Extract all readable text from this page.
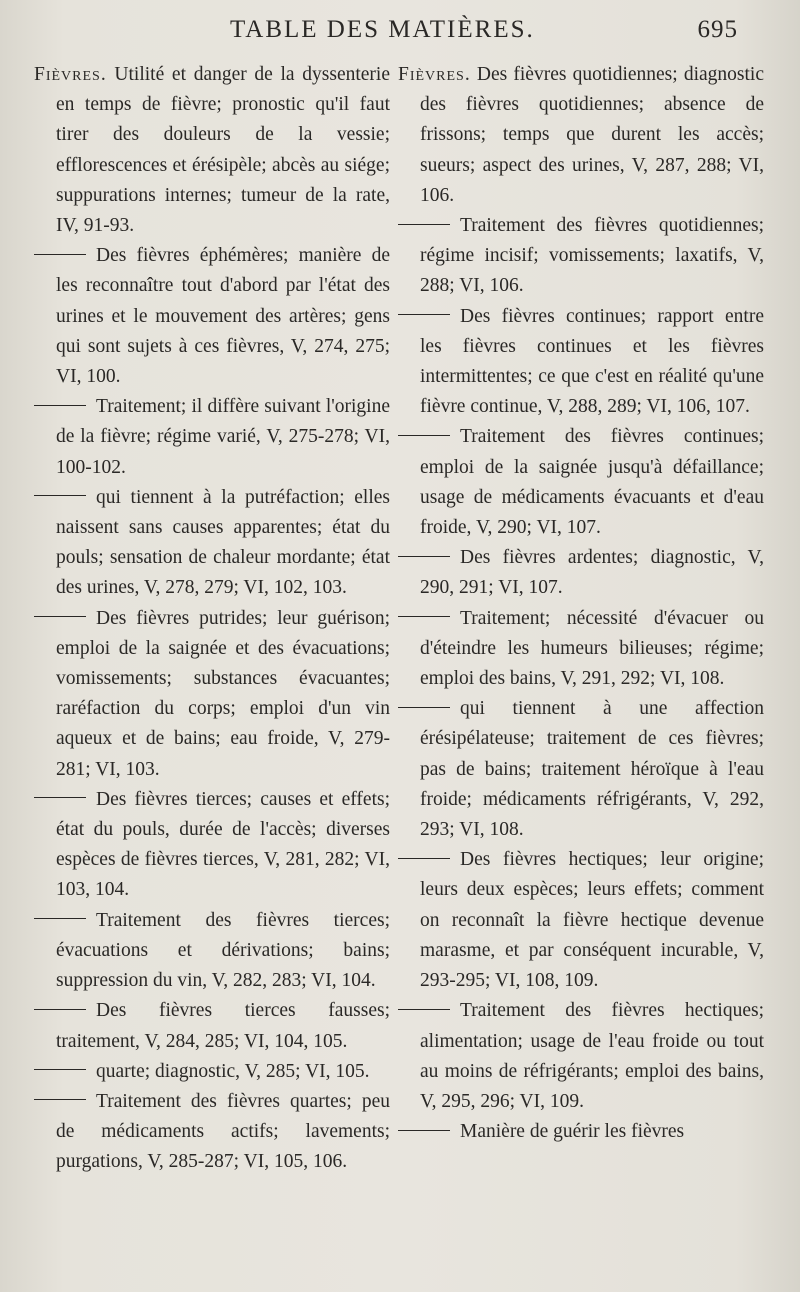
TABLE DES MATIÈRES.	695

Fièvres. Utilité et danger de la dyssenterie en temps de fièvre; pronostic qu'il faut tirer des douleurs de la vessie; efflorescences et érésipèle; abcès au siége; suppurations internes; tumeur de la rate, IV, 91-93.

Des fièvres éphémères; manière de les reconnaître tout d'abord par l'état des urines et le mouvement des artères; gens qui sont sujets à ces fièvres, V, 274, 275; VI, 100.

Traitement; il diffère suivant l'origine de la fièvre; régime varié, V, 275-278; VI, 100-102.

qui tiennent à la putréfaction; elles naissent sans causes apparentes; état du pouls; sensation de chaleur mordante; état des urines, V, 278, 279; VI, 102, 103.

Des fièvres putrides; leur guérison; emploi de la saignée et des évacuations; vomissements; substances évacuantes; raréfaction du corps; emploi d'un vin aqueux et de bains; eau froide, V, 279-281; VI, 103.

Des fièvres tierces; causes et effets; état du pouls, durée de l'accès; diverses espèces de fièvres tierces, V, 281, 282; VI, 103, 104.

Traitement des fièvres tierces; évacuations et dérivations; bains; suppression du vin, V, 282, 283; VI, 104.

Des fièvres tierces fausses; traitement, V, 284, 285; VI, 104, 105.

quarte; diagnostic, V, 285; VI, 105.

Traitement des fièvres quartes; peu de médicaments actifs; lavements; purgations, V, 285-287; VI, 105, 106.

Fièvres. Des fièvres quotidiennes; diagnostic des fièvres quotidiennes; absence de frissons; temps que durent les accès; sueurs; aspect des urines, V, 287, 288; VI, 106.

Traitement des fièvres quotidiennes; régime incisif; vomissements; laxatifs, V, 288; VI, 106.

Des fièvres continues; rapport entre les fièvres continues et les fièvres intermittentes; ce que c'est en réalité qu'une fièvre continue, V, 288, 289; VI, 106, 107.

Traitement des fièvres continues; emploi de la saignée jusqu'à défaillance; usage de médicaments évacuants et d'eau froide, V, 290; VI, 107.

Des fièvres ardentes; diagnostic, V, 290, 291; VI, 107.

Traitement; nécessité d'évacuer ou d'éteindre les humeurs bilieuses; régime; emploi des bains, V, 291, 292; VI, 108.

qui tiennent à une affection érésipélateuse; traitement de ces fièvres; pas de bains; traitement héroïque à l'eau froide; médicaments réfrigérants, V, 292, 293; VI, 108.

Des fièvres hectiques; leur origine; leurs deux espèces; leurs effets; comment on reconnaît la fièvre hectique devenue marasme, et par conséquent incurable, V, 293-295; VI, 108, 109.

Traitement des fièvres hectiques; alimentation; usage de l'eau froide ou tout au moins de réfrigérants; emploi des bains, V, 295, 296; VI, 109.

Manière de guérir les fièvres
